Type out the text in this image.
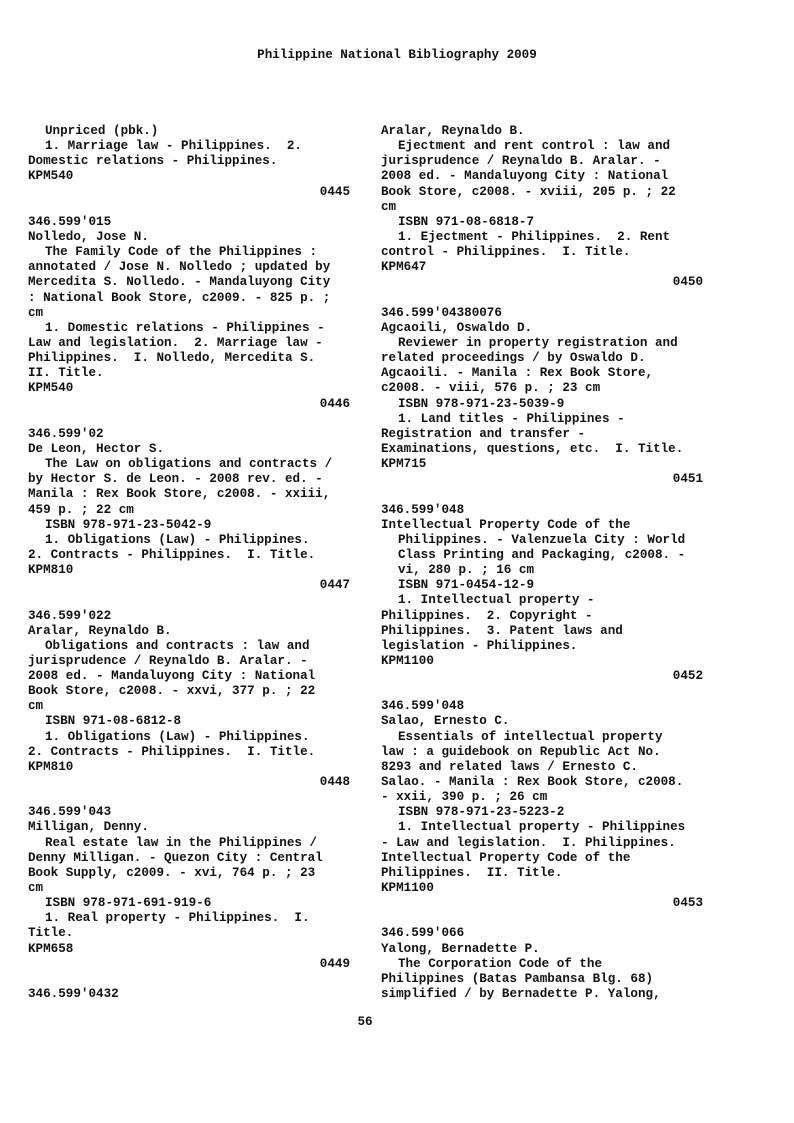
Philippine National Bibliography 2009
Unpriced (pbk.)
1. Marriage law - Philippines.  2.
Domestic relations - Philippines.
KPM540
0445
346.599'015
Nolledo, Jose N.
The Family Code of the Philippines :
annotated / Jose N. Nolledo ; updated by
Mercedita S. Nolledo. - Mandaluyong City
: National Book Store, c2009. - 825 p. ;
cm
1. Domestic relations - Philippines -
Law and legislation.  2. Marriage law -
Philippines.  I. Nolledo, Mercedita S.
II. Title.
KPM540
0446
346.599'02
De Leon, Hector S.
The Law on obligations and contracts /
by Hector S. de Leon. - 2008 rev. ed. -
Manila : Rex Book Store, c2008. - xxiii,
459 p. ; 22 cm
ISBN 978-971-23-5042-9
1. Obligations (Law) - Philippines.
2. Contracts - Philippines.  I. Title.
KPM810
0447
346.599'022
Aralar, Reynaldo B.
Obligations and contracts : law and
jurisprudence / Reynaldo B. Aralar. -
2008 ed. - Mandaluyong City : National
Book Store, c2008. - xxvi, 377 p. ; 22
cm
ISBN 971-08-6812-8
1. Obligations (Law) - Philippines.
2. Contracts - Philippines.  I. Title.
KPM810
0448
346.599'043
Milligan, Denny.
Real estate law in the Philippines /
Denny Milligan. - Quezon City : Central
Book Supply, c2009. - xvi, 764 p. ; 23
cm
ISBN 978-971-691-919-6
1. Real property - Philippines.  I.
Title.
KPM658
0449
346.599'0432
Aralar, Reynaldo B.
Ejectment and rent control : law and
jurisprudence / Reynaldo B. Aralar. -
2008 ed. - Mandaluyong City : National
Book Store, c2008. - xviii, 205 p. ; 22
cm
ISBN 971-08-6818-7
1. Ejectment - Philippines.  2. Rent
control - Philippines.  I. Title.
KPM647
0450
346.599'04380076
Agcaoili, Oswaldo D.
Reviewer in property registration and
related proceedings / by Oswaldo D.
Agcaoili. - Manila : Rex Book Store,
c2008. - viii, 576 p. ; 23 cm
ISBN 978-971-23-5039-9
1. Land titles - Philippines -
Registration and transfer -
Examinations, questions, etc.  I. Title.
KPM715
0451
346.599'048
Intellectual Property Code of the
Philippines. - Valenzuela City : World
Class Printing and Packaging, c2008. -
vi, 280 p. ; 16 cm
ISBN 971-0454-12-9
1. Intellectual property -
Philippines.  2. Copyright -
Philippines.  3. Patent laws and
legislation - Philippines.
KPM1100
0452
346.599'048
Salao, Ernesto C.
Essentials of intellectual property
law : a guidebook on Republic Act No.
8293 and related laws / Ernesto C.
Salao. - Manila : Rex Book Store, c2008.
- xxii, 390 p. ; 26 cm
ISBN 978-971-23-5223-2
1. Intellectual property - Philippines
- Law and legislation.  I. Philippines.
Intellectual Property Code of the
Philippines.  II. Title.
KPM1100
0453
346.599'066
Yalong, Bernadette P.
The Corporation Code of the
Philippines (Batas Pambansa Blg. 68)
simplified / by Bernadette P. Yalong,
56
